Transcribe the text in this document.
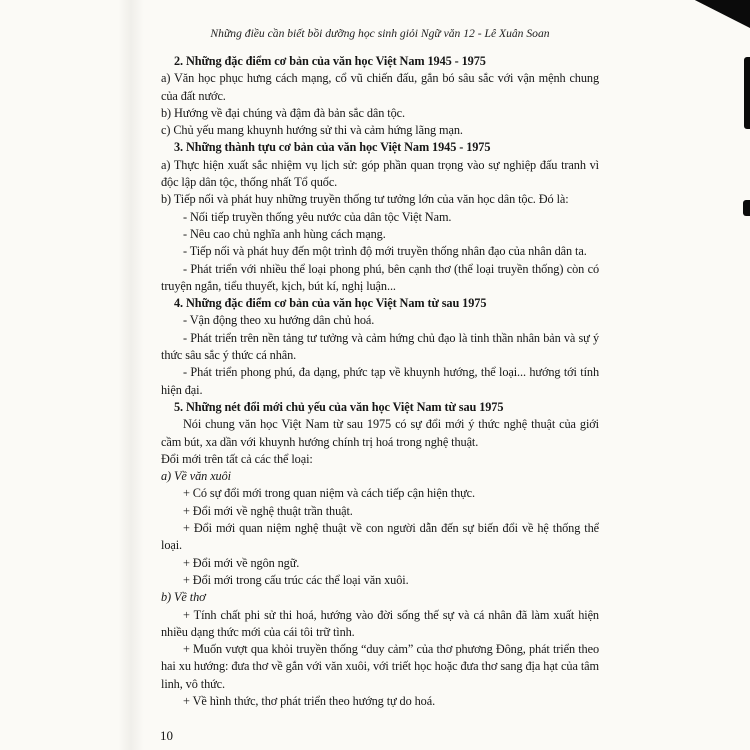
Những điều cần biết bồi dưỡng học sinh giỏi Ngữ văn 12 - Lê Xuân Soan

2. Những đặc điểm cơ bản của văn học Việt Nam 1945 - 1975

a) Văn học phục hưng cách mạng, cổ vũ chiến đấu, gắn bó sâu sắc với vận mệnh chung của đất nước.

b) Hướng về đại chúng và đậm đà bản sắc dân tộc.

c) Chủ yếu mang khuynh hướng sử thi và cảm hứng lãng mạn.

3. Những thành tựu cơ bản của văn học Việt Nam 1945 - 1975

a) Thực hiện xuất sắc nhiệm vụ lịch sử: góp phần quan trọng vào sự nghiệp đấu tranh vì độc lập dân tộc, thống nhất Tổ quốc.

b) Tiếp nối và phát huy những truyền thống tư tưởng lớn của văn học dân tộc. Đó là:

- Nối tiếp truyền thống yêu nước của dân tộc Việt Nam.

- Nêu cao chủ nghĩa anh hùng cách mạng.

- Tiếp nối và phát huy đến một trình độ mới truyền thống nhân đạo của nhân dân ta.

- Phát triển với nhiều thể loại phong phú, bên cạnh thơ (thể loại truyền thống) còn có truyện ngắn, tiểu thuyết, kịch, bút kí, nghị luận...

4. Những đặc điểm cơ bản của văn học Việt Nam từ sau 1975

- Vận động theo xu hướng dân chủ hoá.

- Phát triển trên nền tảng tư tưởng và cảm hứng chủ đạo là tinh thần nhân bản và sự ý thức sâu sắc ý thức cá nhân.

- Phát triển phong phú, đa dạng, phức tạp về khuynh hướng, thể loại... hướng tới tính hiện đại.

5. Những nét đổi mới chủ yếu của văn học Việt Nam từ sau 1975

Nói chung văn học Việt Nam từ sau 1975 có sự đổi mới ý thức nghệ thuật của giới cầm bút, xa dần với khuynh hướng chính trị hoá trong nghệ thuật.

Đổi mới trên tất cả các thể loại:

a) Về văn xuôi

+ Có sự đổi mới trong quan niệm và cách tiếp cận hiện thực.

+ Đổi mới về nghệ thuật trần thuật.

+ Đổi mới quan niệm nghệ thuật về con người dẫn đến sự biến đổi về hệ thống thể loại.

+ Đổi mới về ngôn ngữ.

+ Đổi mới trong cấu trúc các thể loại văn xuôi.

b) Về thơ

+ Tính chất phi sử thi hoá, hướng vào đời sống thế sự và cá nhân đã làm xuất hiện nhiều dạng thức mới của cái tôi trữ tình.

+ Muốn vượt qua khỏi truyền thống “duy cảm” của thơ phương Đông, phát triển theo hai xu hướng: đưa thơ về gắn với văn xuôi, với triết học hoặc đưa thơ sang địa hạt của tâm linh, vô thức.

+ Về hình thức, thơ phát triển theo hướng tự do hoá.

10
